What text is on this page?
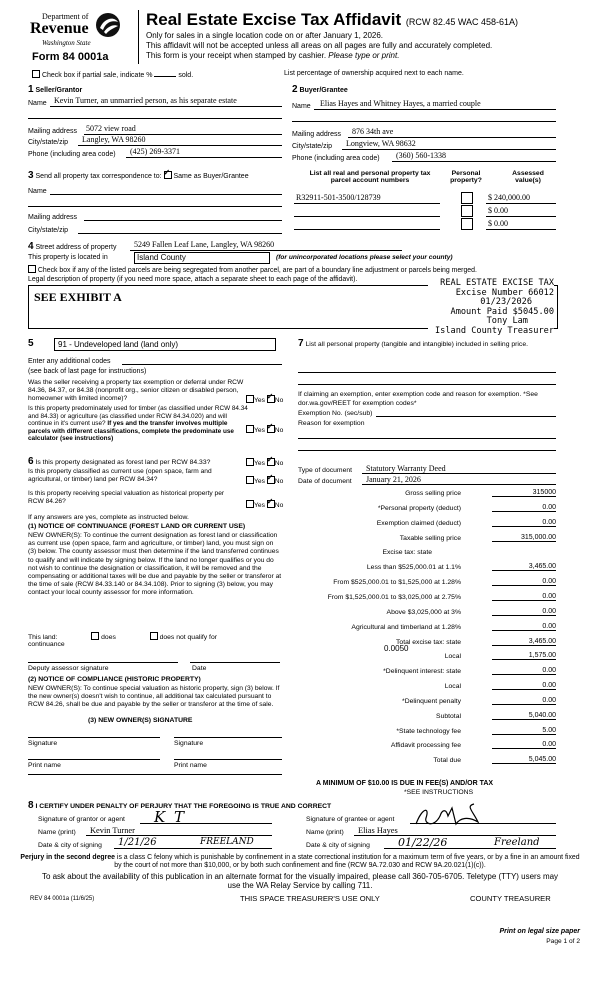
Department of
Revenue
Washington State
Form 84 0001a
Real Estate Excise Tax Affidavit (RCW 82.45 WAC 458-61A)
Only for sales in a single location code on or after January 1, 2026.
This affidavit will not be accepted unless all areas on all pages are fully and accurately completed.
This form is your receipt when stamped by cashier. Please type or print.
Check box if partial sale, indicate %	sold.	List percentage of ownership acquired next to each name.
1 Seller/Grantor
Name Kevin Turner, an unmarried person, as his separate estate
Mailing address 5072 view road
City/state/zip Langley, WA 98260
Phone (including area code) (425) 269-3371
2 Buyer/Grantee
Name Elias Hayes and Whitney Hayes, a married couple
Mailing address 876 34th ave
City/state/zip Longview, WA 98632
Phone (including area code) (360) 560-1338
3 Send all property tax correspondence to: ✓ Same as Buyer/Grantee
Name
Mailing address
City/state/zip
List all real and personal property tax parcel account numbers
Personal property?
Assessed value(s)
R32911-501-3500/128739	$ 240,000.00
$ 0.00
$ 0.00
4 Street address of property 5249 Fallen Leaf Lane, Langley, WA 98260
This property is located in	Island County	(for unincorporated locations please select your county)
Check box if any of the listed parcels are being segregated from another parcel, are part of a boundary line adjustment or parcels being merged.
Legal description of property (if you need more space, attach a separate sheet to each page of the affidavit).
SEE EXHIBIT A
REAL ESTATE EXCISE TAX
Excise Number 66012
01/23/2026
Amount Paid $5045.00
Tony Lam
Island County Treasurer
5	91 - Undeveloped land (land only)
Enter any additional codes
(see back of last page for instructions)
Was the seller receiving a property tax exemption or deferral under RCW 84.36, 84.37, or 84.38 (nonprofit org., senior citizen or disabled person, homeowner with limited income)?	Yes ✓ No
Is this property predominately used for timber (as classified under RCW 84.34 and 84.33) or agriculture (as classified under RCW 84.34.020) and will continue in it's current use? If yes and the transfer involves multiple parcels with different classifications, complete the predominate use calculator (see instructions)
Yes ✓ No
6 Is this property designated as forest land per RCW 84.33?	Yes ✓ No
Is this property classified as current use (open space, farm and agricultural, or timber) land per RCW 84.34?	Yes ✓ No
Is this property receiving special valuation as historical property per RCW 84.26?
Yes ✓ No
If any answers are yes, complete as instructed below.
(1) NOTICE OF CONTINUANCE (FOREST LAND OR CURRENT USE)
NEW OWNER(S): To continue the current designation as forest land or classification as current use (open space, farm and agriculture, or timber) land, you must sign on (3) below. The county assessor must then determine if the land transferred continues to qualify and will indicate by signing below. If the land no longer qualifies or you do not wish to continue the designation or classification, it will be removed and the compensating or additional taxes will be due and payable by the seller or transferor at the time of sale (RCW 84.33.140 or 84.34.108). Prior to signing (3) below, you may contact your local county assessor for more information.
This land:	does	does not qualify for
continuance
Deputy assessor signature	Date
(2) NOTICE OF COMPLIANCE (HISTORIC PROPERTY)
NEW OWNER(S): To continue special valuation as historic property, sign (3) below. If the new owner(s) doesn't wish to continue, all additional tax calculated pursuant to RCW 84.26, shall be due and payable by the seller or transferor at the time of sale.
(3) NEW OWNER(S) SIGNATURE
Signature	Signature
Print name	Print name
7 List all personal property (tangible and intangible) included in selling price.
If claiming an exemption, enter exemption code and reason for exemption. *See dor.wa.gov/REET for exemption codes*
Exemption No. (sec/sub)
Reason for exemption
Type of document Statutory Warranty Deed
Date of document January 21, 2026
Gross selling price	315000
*Personal property (deduct)	0.00
Exemption claimed (deduct)	0.00
Taxable selling price	315,000.00
Excise tax: state
Less than $525,000.01 at 1.1%	3,465.00
From $525,000.01 to $1,525,000 at 1.28%	0.00
From $1,525,000.01 to $3,025,000 at 2.75%	0.00
Above $3,025,000 at 3%	0.00
Agricultural and timberland at 1.28%	0.00
Total excise tax: state	3,465.00
Local	1,575.00
*Delinquent interest: state	0.00
Local	0.00
*Delinquent penalty	0.00
Subtotal	5,040.00
*State technology fee	5.00
Affidavit processing fee	0.00
Total due	5,045.00
0.0050
A MINIMUM OF $10.00 IS DUE IN FEE(S) AND/OR TAX
*SEE INSTRUCTIONS
8 I CERTIFY UNDER PENALTY OF PERJURY THAT THE FOREGOING IS TRUE AND CORRECT
Signature of grantor or agent K T
Name (print) Kevin Turner
Date & city of signing 1/21/26	FREELAND
Signature of grantee or agent
Name (print) Elias Hayes
Date & city of signing	01/22/26	Freeland
Perjury in the second degree is a class C felony which is punishable by confinement in a state correctional institution for a maximum term of five years, or by a fine in an amount fixed by the court of not more than $10,000, or by both such confinement and fine (RCW 9A.72.030 and RCW 9A.20.021(1)(c)).
To ask about the availability of this publication in an alternate format for the visually impaired, please call 360-705-6705. Teletype (TTY) users may use the WA Relay Service by calling 711.
REV 84 0001a (11/6/25)	THIS SPACE TREASURER'S USE ONLY	COUNTY TREASURER
Print on legal size paper
Page 1 of 2
